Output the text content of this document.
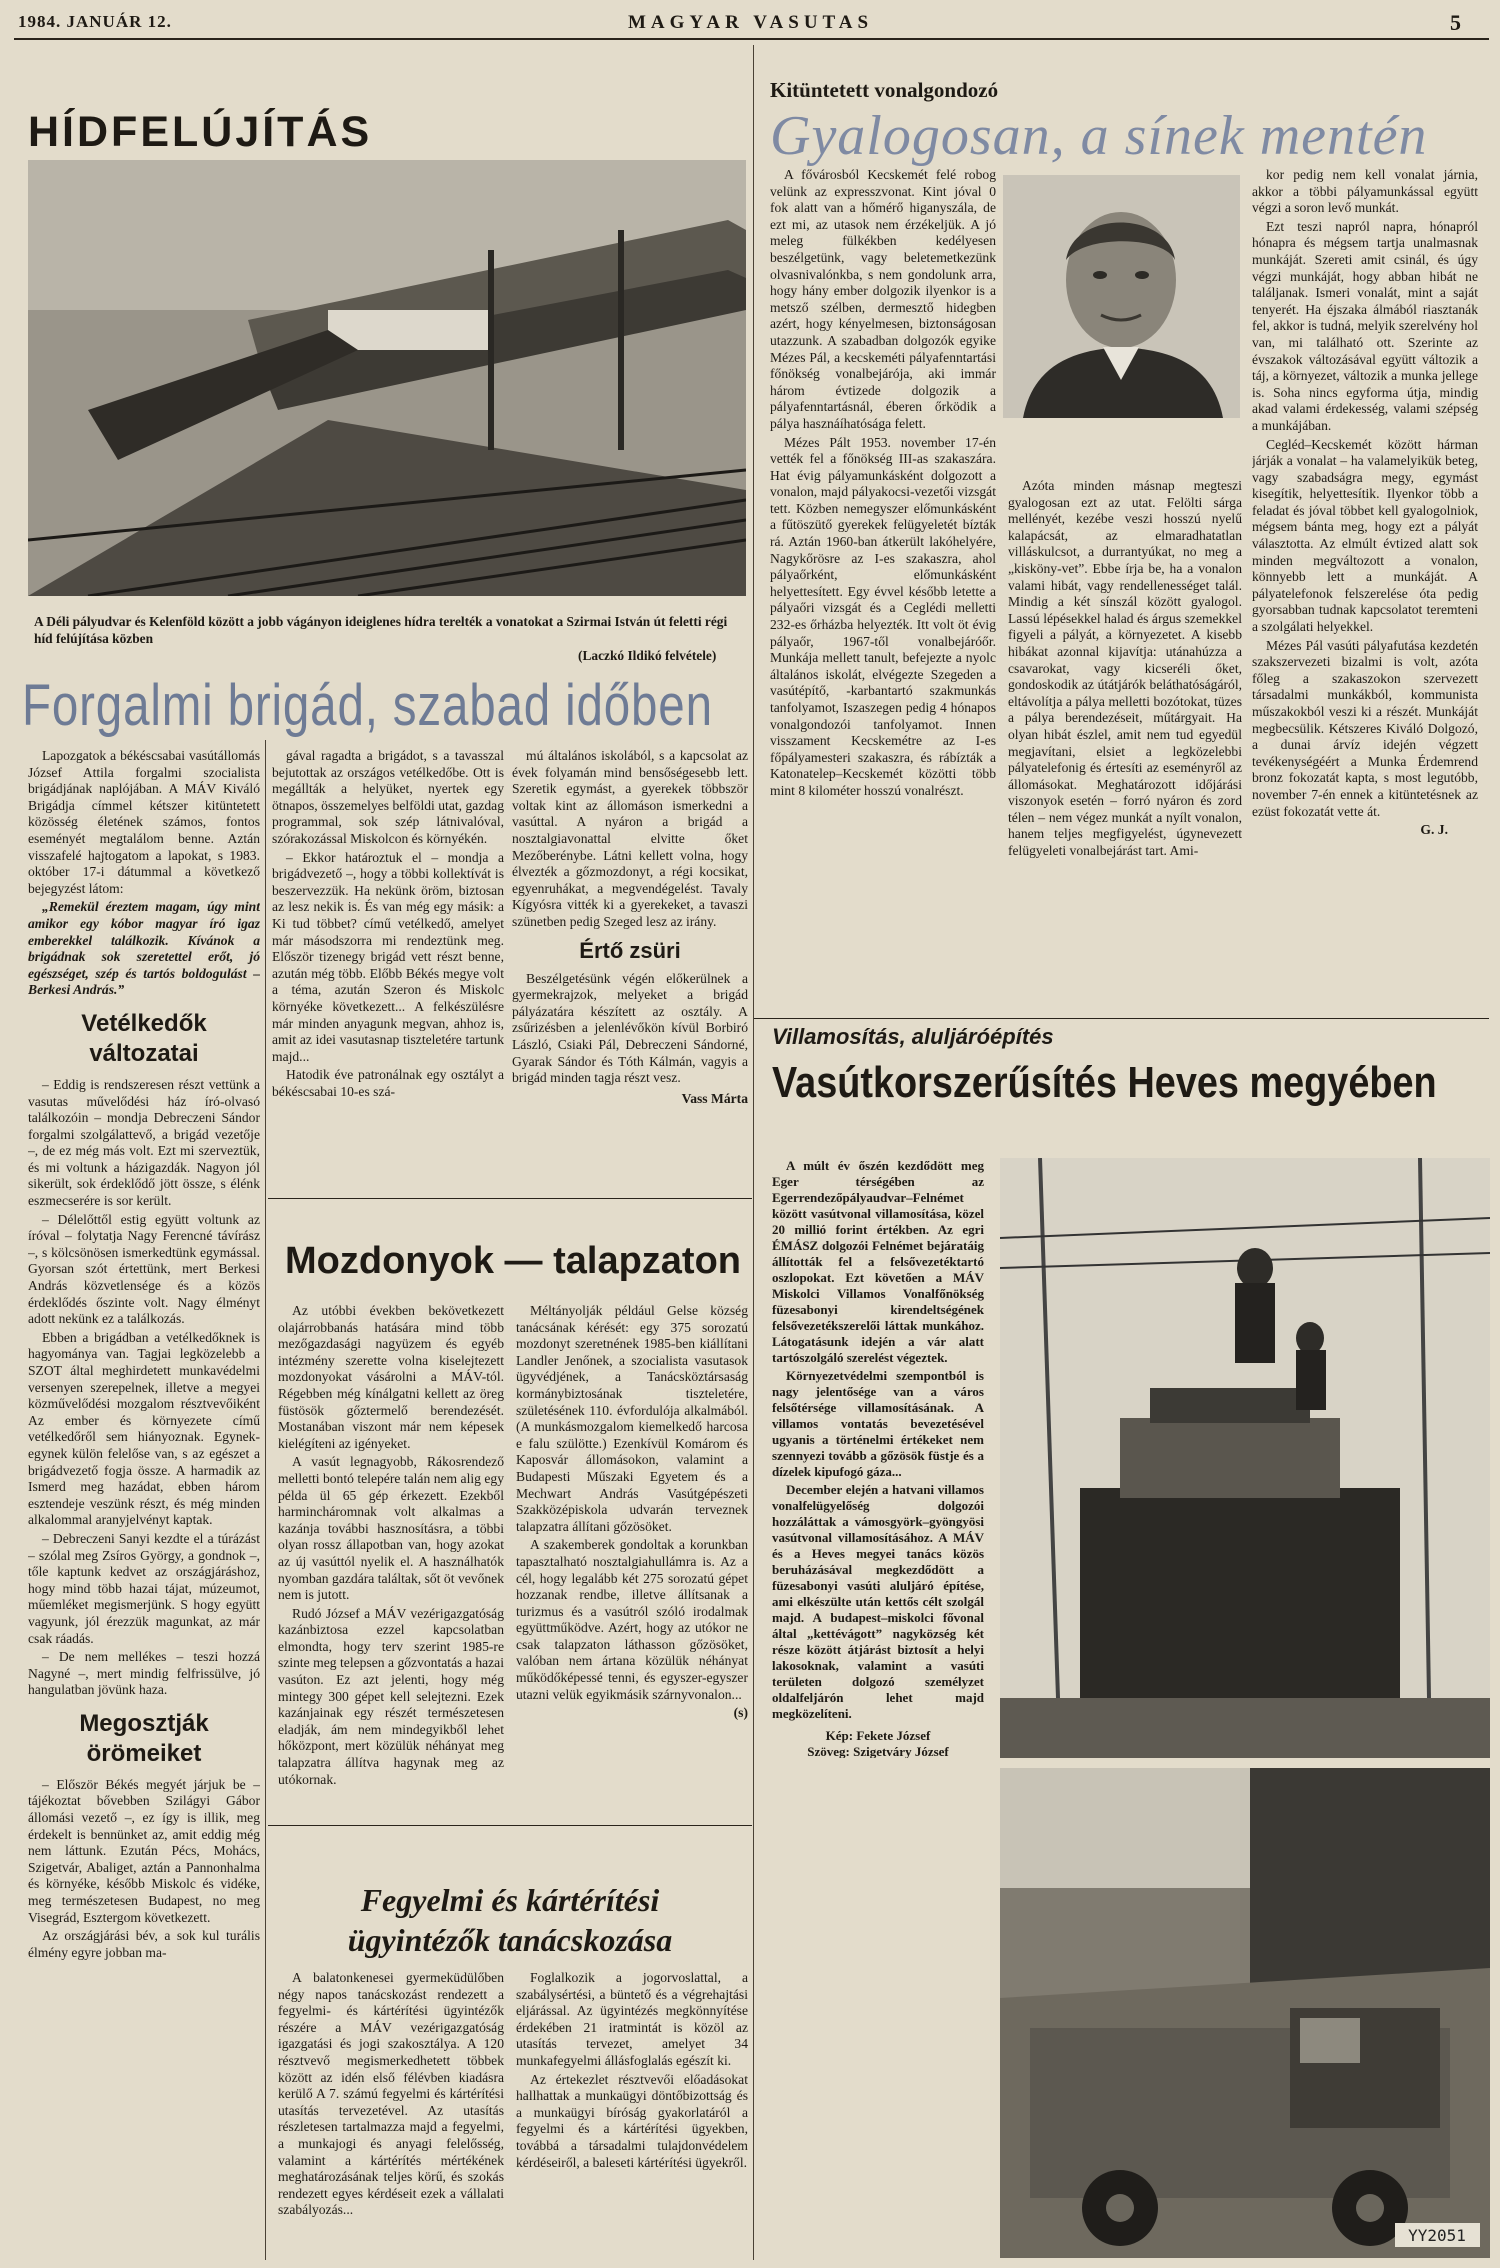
1984. JANUÁR 12.	MAGYAR VASUTAS	5
HÍDFELÚJÍTÁS
A Déli pályudvar és Kelenföld között a jobb vágányon ideiglenes hídra terelték a vonatokat a Szirmai István út feletti régi híd felújítása közben
(Laczkó Ildikó felvétele)
Forgalmi brigád, szabad időben

Lapozgatok a békéscsabai vasútállomás József Attila forgalmi szocialista brigádjának naplójában. A MÁV Kiváló Brigádja címmel kétszer kitüntetett közösség életének számos, fontos eseményét megtalálom benne. Aztán visszafelé hajtogatom a lapokat, s 1983. október 17-i dátummal a következő bejegyzést látom:

„Remekül éreztem magam, úgy mint amikor egy kóbor magyar író igaz emberekkel találkozik. Kívánok a brigádnak sok szeretettel erőt, jó egészséget, szép és tartós boldogulást – Berkesi András.”

Vetélkedők változatai

– Eddig is rendszeresen részt vettünk a vasutas művelődési ház író-olvasó találkozóin – mondja Debreczeni Sándor forgalmi szolgálattevő, a brigád vezetője –, de ez még más volt. Ezt mi szerveztük, és mi voltunk a házigazdák. Nagyon jól sikerült, sok érdeklődő jött össze, s élénk eszmecserére is sor került.

– Délelőttől estig együtt voltunk az íróval – folytatja Nagy Ferencné távírász –, s kölcsönösen ismerkedtünk egymással. Gyorsan szót értettünk, mert Berkesi András közvetlensége és a közös érdeklődés őszinte volt. Nagy élményt adott nekünk ez a találkozás.

Ebben a brigádban a vetélkedőknek is hagyománya van. Tagjai legközelebb a SZOT által meghirdetett munkavédelmi versenyen szerepelnek, illetve a megyei közművelődési mozgalom résztvevőiként Az ember és környezete című vetélkedőről sem hiányoznak. Egynek-egynek külön felelőse van, s az egészet a brigádvezető fogja össze. A harmadik az Ismerd meg hazádat, ebben három esztendeje veszünk részt, és még minden alkalommal aranyjelvényt kaptak.

– Debreczeni Sanyi kezdte el a túrázást – szólal meg Zsíros György, a gondnok –, tőle kaptunk kedvet az országjáráshoz, hogy mind több hazai tájat, múzeumot, műemléket megismerjünk. S hogy együtt vagyunk, jól érezzük magunkat, az már csak ráadás.

– De nem mellékes – teszi hozzá Nagyné –, mert mindig felfrissülve, jó hangulatban jövünk haza.

Megosztják örömeiket

– Először Békés megyét járjuk be – tájékoztat bővebben Szilágyi Gábor állomási vezető –, ez így is illik, meg érdekelt is bennünket az, amit eddig még nem láttunk. Ezután Pécs, Mohács, Szigetvár, Abaliget, aztán a Pannonhalma és környéke, később Miskolc és vidéke, meg természetesen Budapest, no meg Visegrád, Esztergom következett.

Az országjárási bév, a sok kul turális élmény egyre jobban ma-

gával ragadta a brigádot, s a tavasszal bejutottak az országos vetélkedőbe. Ott is megállták a helyüket, nyertek egy ötnapos, összemelyes belföldi utat, gazdag programmal, sok szép látnivalóval, szórakozással Miskolcon és környékén.

– Ekkor határoztuk el – mondja a brigádvezető –, hogy a többi kollektívát is beszervezzük. Ha nekünk öröm, biztosan az lesz nekik is. És van még egy másik: a Ki tud többet? című vetélkedő, amelyet már másodszorra mi rendeztünk meg. Először tizenegy brigád vett részt benne, azután még több. Előbb Békés megye volt a téma, azután Szeron és Miskolc környéke következett... A felkészülésre már minden anyagunk megvan, ahhoz is, amit az idei vasutasnap tiszteletére tartunk majd...

Hatodik éve patronálnak egy osztályt a békéscsabai 10-es szá-

mú általános iskolából, s a kapcsolat az évek folyamán mind bensőségesebb lett. Szeretik egymást, a gyerekek többször voltak kint az állomáson ismerkedni a vasúttal. A nyáron a brigád a nosztalgiavonattal elvitte őket Mezőberénybe. Látni kellett volna, hogy élvezték a gőzmozdonyt, a régi kocsikat, egyenruhákat, a megvendégelést. Tavaly Kígyósra vitték ki a gyerekeket, a tavaszi szünetben pedig Szeged lesz az irány.

Értő zsüri

Beszélgetésünk végén előkerülnek a gyermekrajzok, melyeket a brigád pályázatára készített az osztály. A zsűrizésben a jelenlévőkön kívül Borbiró László, Csiaki Pál, Debreczeni Sándorné, Gyarak Sándor és Tóth Kálmán, vagyis a brigád minden tagja részt vesz.

Vass Márta
Mozdonyok — talapzaton

Az utóbbi években bekövetkezett olajárrobbanás hatására mind több mezőgazdasági nagyüzem és egyéb intézmény szerette volna kiselejtezett mozdonyokat vásárolni a MÁV-tól. Régebben még kínálgatni kellett az öreg füstösök gőztermelő berendezését. Mostanában viszont már nem képesek kielégíteni az igényeket.

A vasút legnagyobb, Rákosrendező melletti bontó telepére talán nem alig egy példa ül 65 gép érkezett. Ezekből harmincháromnak volt alkalmas a kazánja további hasznosításra, a többi olyan rossz állapotban van, hogy azokat az új vasúttól nyelik el. A használhatók nyomban gazdára találtak, sőt öt vevőnek nem is jutott.

Rudó József a MÁV vezérigazgatóság kazánbiztosa ezzel kapcsolatban elmondta, hogy terv szerint 1985-re szinte meg telepsen a gőzvontatás a hazai vasúton. Ez azt jelenti, hogy még mintegy 300 gépet kell selejtezni. Ezek kazánjainak egy részét természetesen eladják, ám nem mindegyikből lehet hőközpont, mert közülük néhányat meg talapzatra állítva hagynak meg az utókornak.

Méltányolják például Gelse község tanácsának kérését: egy 375 sorozatú mozdonyt szeretnének 1985-ben kiállítani Landler Jenőnek, a szocialista vasutasok ügyvédjének, a Tanácsköztársaság kormánybiztosának tiszteletére, születésének 110. évfordulója alkalmából. (A munkásmozgalom kiemelkedő harcosa e falu szülötte.) Ezenkívül Komárom és Kaposvár állomásokon, valamint a Budapesti Műszaki Egyetem és a Mechwart András Vasútgépészeti Szakközépiskola udvarán terveznek talapzatra állítani gőzösöket.

A szakemberek gondoltak a korunkban tapasztalható nosztalgiahullámra is. Az a cél, hogy legalább két 275 sorozatú gépet hozzanak rendbe, illetve állítsanak a turizmus és a vasútról szóló irodalmak együttműködve. Azért, hogy az utókor ne csak talapzaton láthasson gőzösöket, valóban nem ártana közülük néhányat működőképessé tenni, és egyszer-egyszer utazni velük egyikmásik szárnyvonalon...

(s)
Fegyelmi és kártérítési
ügyintézők tanácskozása

A balatonkenesei gyermeküdülőben négy napos tanácskozást rendezett a fegyelmi- és kártérítési ügyintézők részére a MÁV vezérigazgatóság igazgatási és jogi szakosztálya. A 120 résztvevő megismerkedhetett többek között az idén első félévben kiadásra kerülő A 7. számú fegyelmi és kártérítési utasítás tervezetével. Az utasítás részletesen tartalmazza majd a fegyelmi, a munkajogi és anyagi felelősség, valamint a kártérítés mértékének meghatározásának teljes körű, és szokás rendezett egyes kérdéseit ezek a vállalati szabályozás...

Foglalkozik a jogorvoslattal, a szabálysértési, a büntető és a végrehajtási eljárással. Az ügyintézés megkönnyítése érdekében 21 iratmintát is közöl az utasítás tervezet, amelyet 34 munkafegyelmi állásfoglalás egészít ki.

Az értekezlet résztvevői előadásokat hallhattak a munkaügyi döntőbizottság és a munkaügyi bíróság gyakorlatáról a fegyelmi és a kártérítési ügyekben, továbbá a társadalmi tulajdonvédelem kérdéseiről, a baleseti kártérítési ügyekről.

Kitüntetett vonalgondozó
Gyalogosan, a sínek mentén

A fővárosból Kecskemét felé robog velünk az expresszvonat. Kint jóval 0 fok alatt van a hőmérő higanyszála, de ezt mi, az utasok nem érzékeljük. A jó meleg fülkékben kedélyesen beszélgetünk, vagy beletemetkezünk olvasnivalónkba, s nem gondolunk arra, hogy hány ember dolgozik ilyenkor is a metsző szélben, dermesztő hidegben azért, hogy kényelmesen, biztonságosan utazzunk. A szabadban dolgozók egyike Mézes Pál, a kecskeméti pályafenntartási főnökség vonalbejárója, aki immár három évtizede dolgozik a pályafenntartásnál, éberen őrködik a pálya hasznáíhatósága felett.

Mézes Pált 1953. november 17-én vették fel a főnökség III-as szakaszára. Hat évig pályamunkásként dolgozott a vonalon, majd pályakocsi-vezetői vizsgát tett. Közben nemegyszer előmunkásként a fűtöszütő gyerekek felügyeletét bízták rá. Aztán 1960-ban átkerült lakóhelyére, Nagykőrösre az I-es szakaszra, ahol pályaőrként, előmunkásként helyettesített. Egy évvel később letette a pályaőri vizsgát és a Ceglédi melletti 232-es őrházba helyezték. Itt volt öt évig pályaőr, 1967-től vonalbejáróőr. Munkája mellett tanult, befejezte a nyolc általános iskolát, elvégezte Szegeden a vasútépítő, -karbantartó szakmunkás tanfolyamot, Iszaszegen pedig 4 hónapos vonalgondozói tanfolyamot. Innen visszament Kecskemétre az I-es főpályamesteri szakaszra, és rábízták a Katonatelep–Kecskemét közötti több mint 8 kilométer hosszú vonalrészt.

Azóta minden másnap megteszi gyalogosan ezt az utat. Felölti sárga mellényét, kezébe veszi hosszú nyelű kalapácsát, az elmaradhatatlan villáskulcsot, a durrantyúkat, no meg a „kisköny-vet”. Ebbe írja be, ha a vonalon valami hibát, vagy rendellenességet talál. Mindig a két sínszál között gyalogol. Lassú lépésekkel halad és árgus szemekkel figyeli a pályát, a környezetet. A kisebb hibákat azonnal kijavítja: utánahúzza a csavarokat, vagy kicseréli őket, gondoskodik az útátjárók beláthatóságáról, eltávolítja a pálya melletti bozótokat, tüzes a pálya berendezéseit, műtárgyait. Ha olyan hibát észlel, amit nem tud egyedül megjavítani, elsiet a legközelebbi pályatelefonig és értesíti az eseményről az állomásokat. Meghatározott időjárási viszonyok esetén – forró nyáron és zord télen – nem végez munkát a nyílt vonalon, hanem teljes megfigyelést, úgynevezett felügyeleti vonalbejárást tart. Ami-

kor pedig nem kell vonalat járnia, akkor a többi pályamunkással együtt végzi a soron levő munkát.

Ezt teszi napról napra, hónapról hónapra és mégsem tartja unalmasnak munkáját. Szereti amit csinál, és úgy végzi munkáját, hogy abban hibát ne találjanak. Ismeri vonalát, mint a saját tenyerét. Ha éjszaka álmából riasztanák fel, akkor is tudná, melyik szerelvény hol van, mi található ott. Szerinte az évszakok változásával együtt változik a táj, a környezet, változik a munka jellege is. Soha nincs egyforma útja, mindig akad valami érdekesség, valami szépség a munkájában.

Cegléd–Kecskemét között hárman járják a vonalat – ha valamelyikük beteg, vagy szabadságra megy, egymást kisegítik, helyettesítik. Ilyenkor több a feladat és jóval többet kell gyalogolniok, mégsem bánta meg, hogy ezt a pályát választotta. Az elmúlt évtized alatt sok minden megváltozott a vonalon, könnyebb lett a munkáját. A pályatelefonok felszerelése óta pedig gyorsabban tudnak kapcsolatot teremteni a szolgálati helyekkel.

Mézes Pál vasúti pályafutása kezdetén szakszervezeti bizalmi is volt, azóta főleg a szakaszokon szervezett társadalmi munkákból, kommunista műszakokból veszi ki a részét. Munkáját megbecsülik. Kétszeres Kiváló Dolgozó, a dunai árvíz idején végzett tevékenységéért a Munka Érdemrend bronz fokozatát kapta, s most legutóbb, november 7-én ennek a kitüntetésnek az ezüst fokozatát vette át.

G. J.
Villamosítás, aluljáróépítés
Vasútkorszerűsítés Heves megyében

A múlt év őszén kezdődött meg Eger térségében az Egerrendezőpályaudvar–Felnémet között vasútvonal villamosítása, közel 20 millió forint értékben. Az egri ÉMÁSZ dolgozói Felnémet bejáratáig állították fel a felsővezetéktartó oszlopokat. Ezt követően a MÁV Miskolci Villamos Vonalfőnökség füzesabonyi kirendeltségének felsővezetékszerelői láttak munkához. Látogatásunk idején a vár alatt tartószolgáló szerelést végeztek.

Környezetvédelmi szempontból is nagy jelentősége van a város felsőtérsége villamosításának. A villamos vontatás bevezetésével ugyanis a történelmi értékeket nem szennyezi tovább a gőzösök füstje és a dízelek kipufogó gáza...

December elején a hatvani villamos vonalfelügyelőség dolgozói hozzáláttak a vámosgyörk–gyöngyösi vasútvonal villamosításához. A MÁV és a Heves megyei tanács közös beruházásával megkezdődött a füzesabonyi vasúti aluljáró építése, ami elkészülte után kettős célt szolgál majd. A budapest–miskolci fővonal által „kettévágott” nagyközség két része között átjárást biztosít a helyi lakosoknak, valamint a vasúti területen dolgozó személyzet oldalfeljárón lehet majd megközelíteni.

Kép: Fekete József
Szöveg: Szigetváry József
YY2051
